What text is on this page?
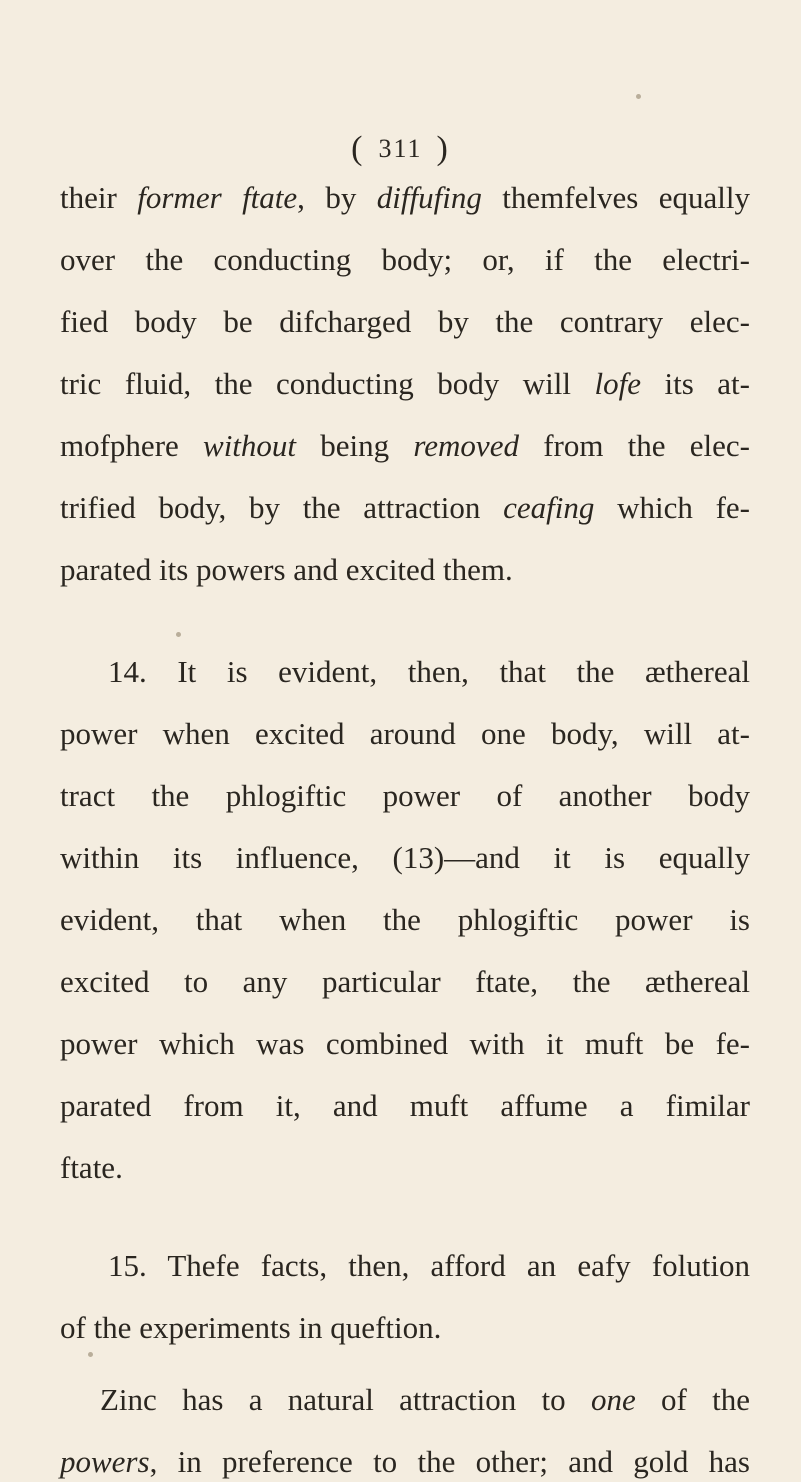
( 311 )
their former ftate, by diffufing themfelves equally
over the conducting body; or, if the electri-
fied body be difcharged by the contrary elec-
tric fluid, the conducting body will lofe its at-
mofphere without being removed from the elec-
trified body, by the attraction ceafing which fe-
parated its powers and excited them.
14. It is evident, then, that the æthereal
power when excited around one body, will at-
tract the phlogiftic power of another body
within its influence, (13)—and it is equally
evident, that when the phlogiftic power is
excited to any particular ftate, the æthereal
power which was combined with it muft be fe-
parated from it, and muft affume a fimilar
ftate.
15. Thefe facts, then, afford an eafy folution
of the experiments in queftion.
Zinc has a natural attraction to one of the
powers, in preference to the other; and gold has
